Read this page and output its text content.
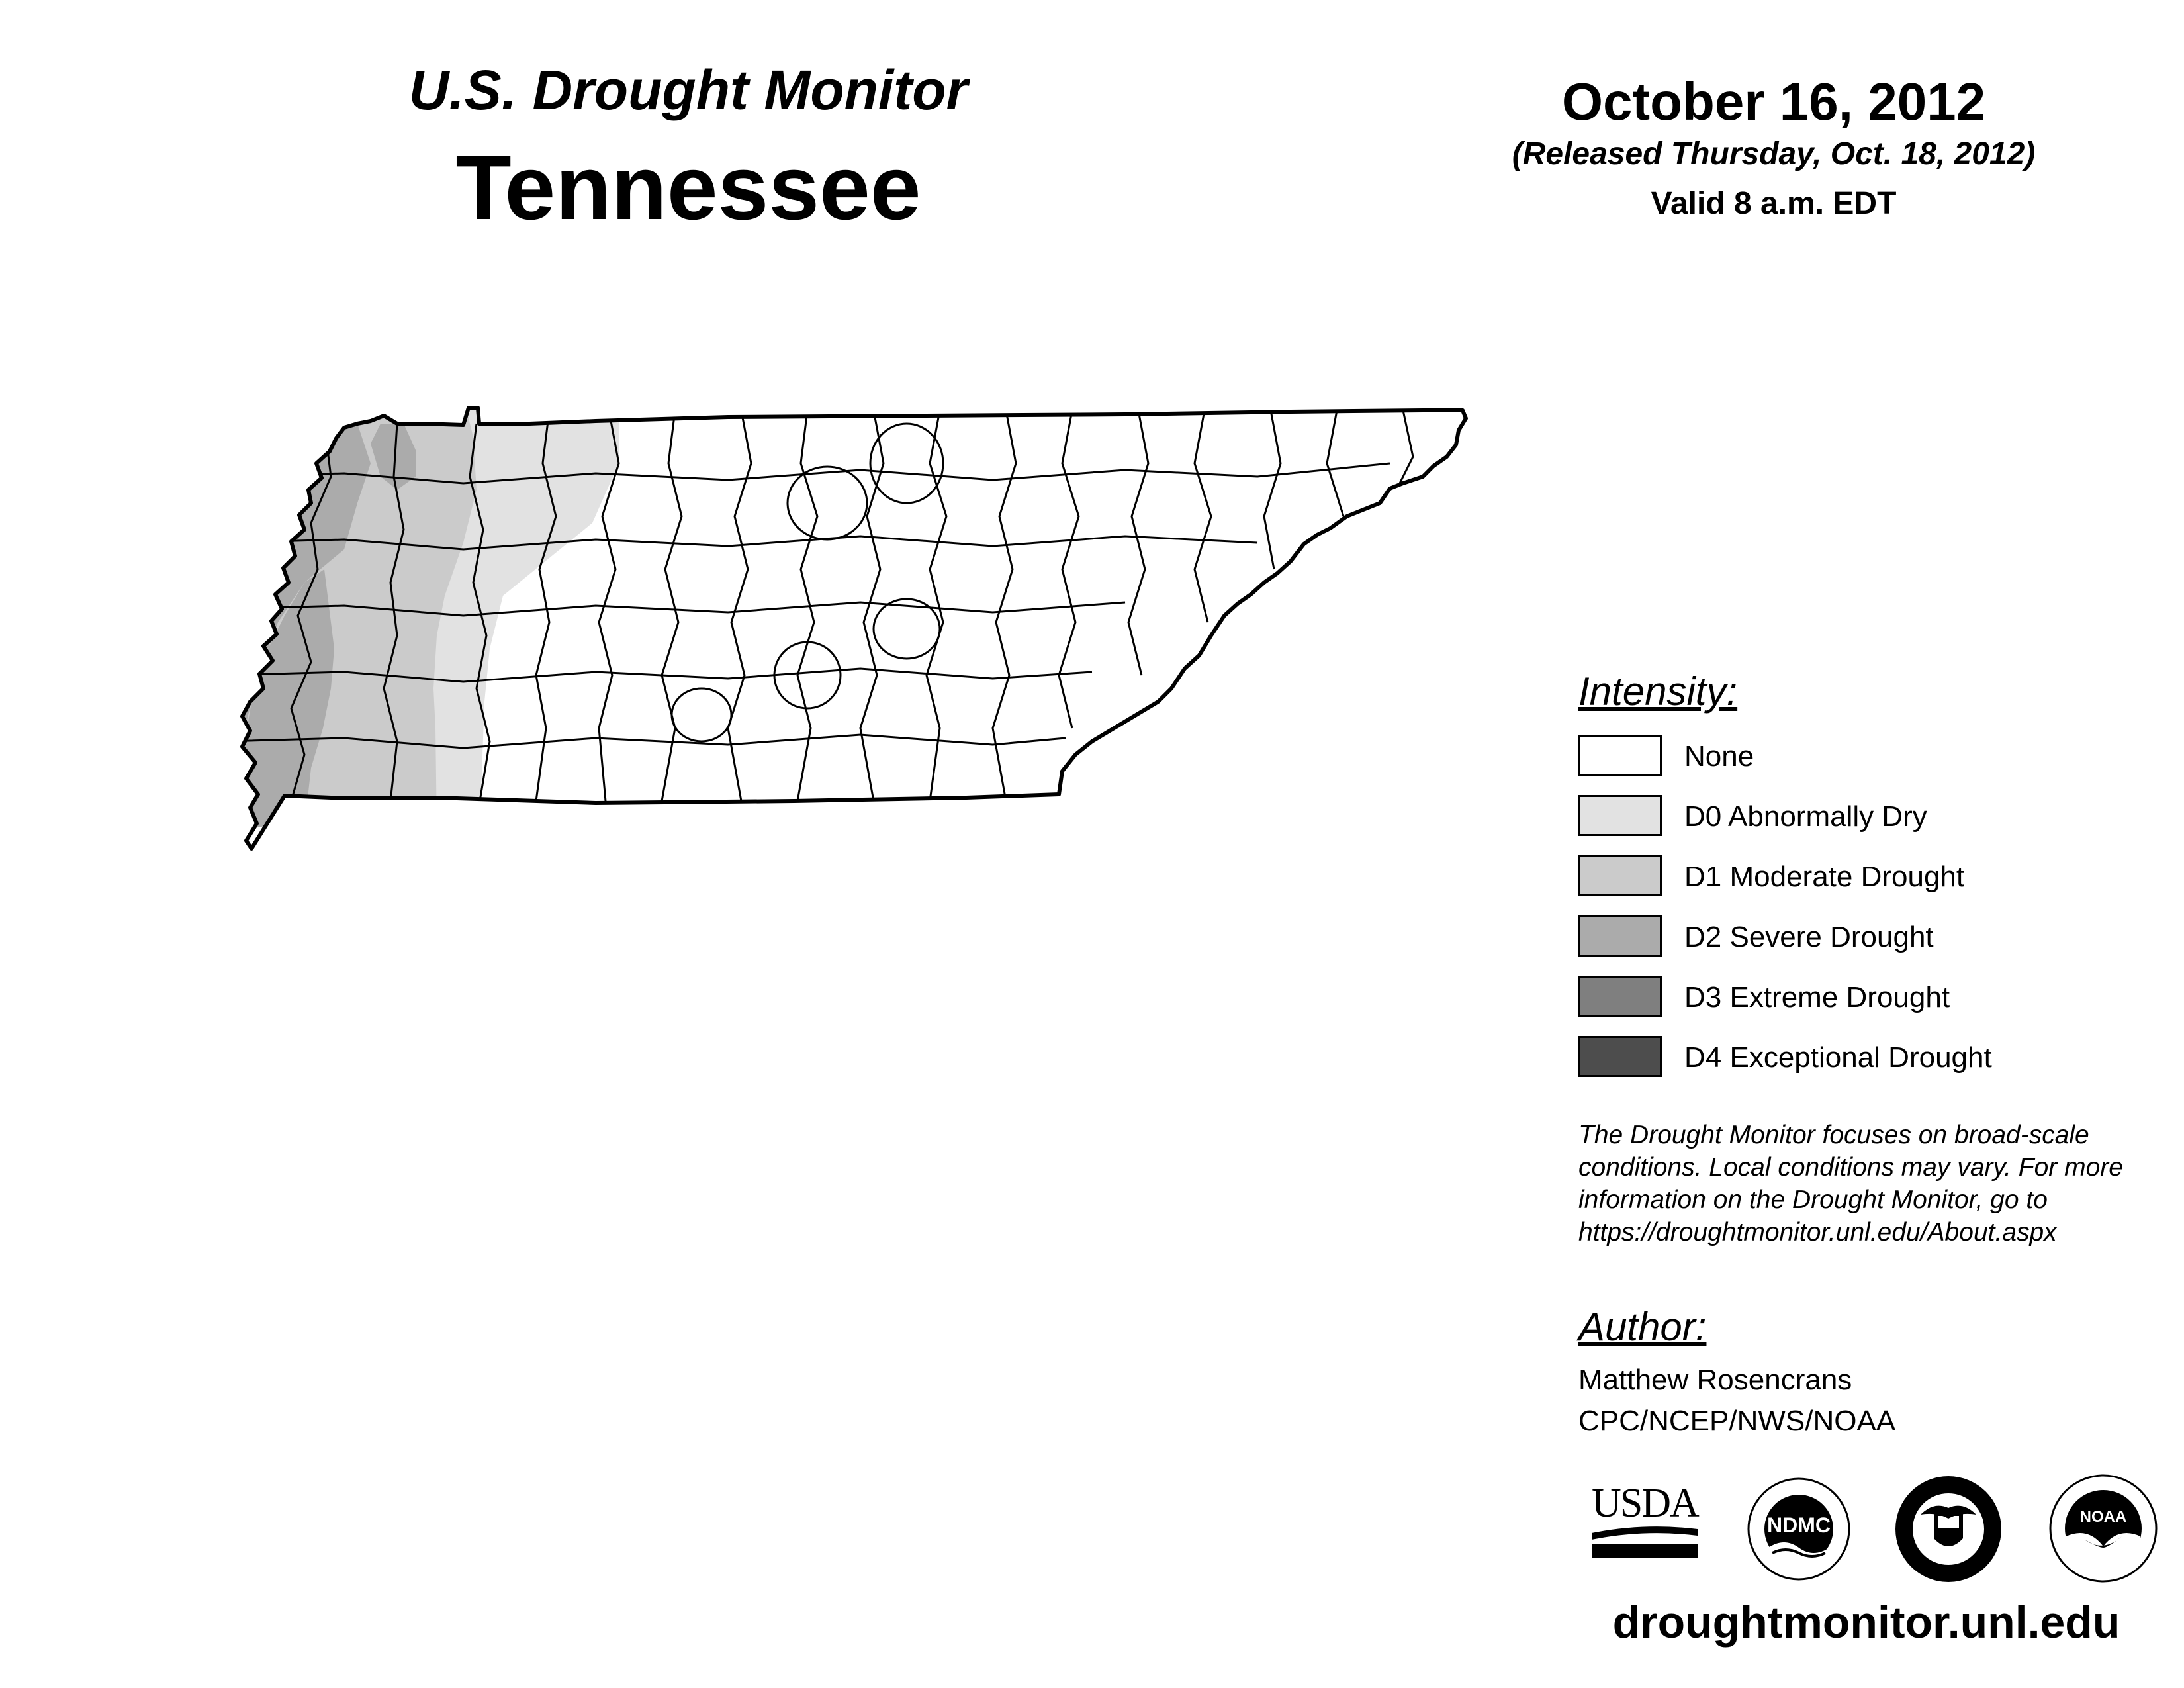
U.S. Drought Monitor
Tennessee
October 16, 2012
(Released Thursday, Oct. 18, 2012)
Valid 8 a.m. EDT
Intensity:
None
D0 Abnormally Dry
D1 Moderate Drought
D2 Severe Drought
D3 Extreme Drought
D4 Exceptional Drought
The Drought Monitor focuses on broad-scale conditions. Local conditions may vary. For more information on the Drought Monitor, go to https://droughtmonitor.unl.edu/About.aspx
Author:
Matthew Rosencrans
CPC/NCEP/NWS/NOAA
USDA	NDMC	NOAA
droughtmonitor.unl.edu
